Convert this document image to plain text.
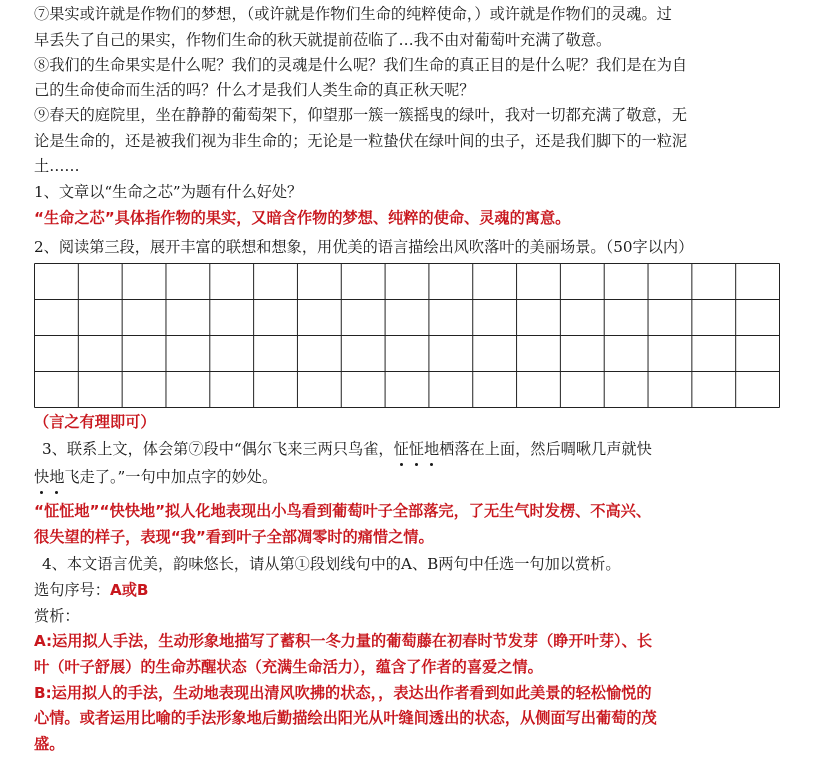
⑦果实或许就是作物们的梦想，（或许就是作物们生命的纯粹使命，）或许就是作物们的灵魂。过
早丢失了自己的果实，作物们生命的秋天就提前莅临了…我不由对葡萄叶充满了敬意。
⑧我们的生命果实是什么呢？我们的灵魂是什么呢？我们生命的真正目的是什么呢？我们是在为自
己的生命使命而生活的吗？什么才是我们人类生命的真正秋天呢？
⑨春天的庭院里，坐在静静的葡萄架下，仰望那一簇一簇摇曳的绿叶，我对一切都充满了敬意，无
论是生命的，还是被我们视为非生命的；无论是一粒蛰伏在绿叶间的虫子，还是我们脚下的一粒泥
土……
1、文章以“生命之芯”为题有什么好处？
“生命之芯”具体指作物的果实，又暗含作物的梦想、纯粹的使命、灵魂的寓意。
2、阅读第三段，展开丰富的联想和想象，用优美的语言描绘出风吹落叶的美丽场景。（50字以内）
（言之有理即可）
3、联系上文，体会第⑦段中“偶尔飞来三两只鸟雀，怔怔地栖落在上面，然后啁啾几声就快
快地飞走了。”一句中加点字的妙处。
“怔怔地”“快快地”拟人化地表现出小鸟看到葡萄叶子全部落完，了无生气时发楞、不高兴、
很失望的样子，表现“我”看到叶子全部凋零时的痛惜之情。
4、本文语言优美，韵味悠长，请从第①段划线句中的A、B两句中任选一句加以赏析。
选句序号：A或B
赏析：
A:运用拟人手法，生动形象地描写了蓄积一冬力量的葡萄藤在初春时节发芽（睁开叶芽）、长
叶（叶子舒展）的生命苏醒状态（充满生命活力），蕴含了作者的喜爱之情。
B:运用拟人的手法，生动地表现出清风吹拂的状态，，表达出作者看到如此美景的轻松愉悦的
心情。或者运用比喻的手法形象地后勤描绘出阳光从叶缝间透出的状态，从侧面写出葡萄的茂
盛。
